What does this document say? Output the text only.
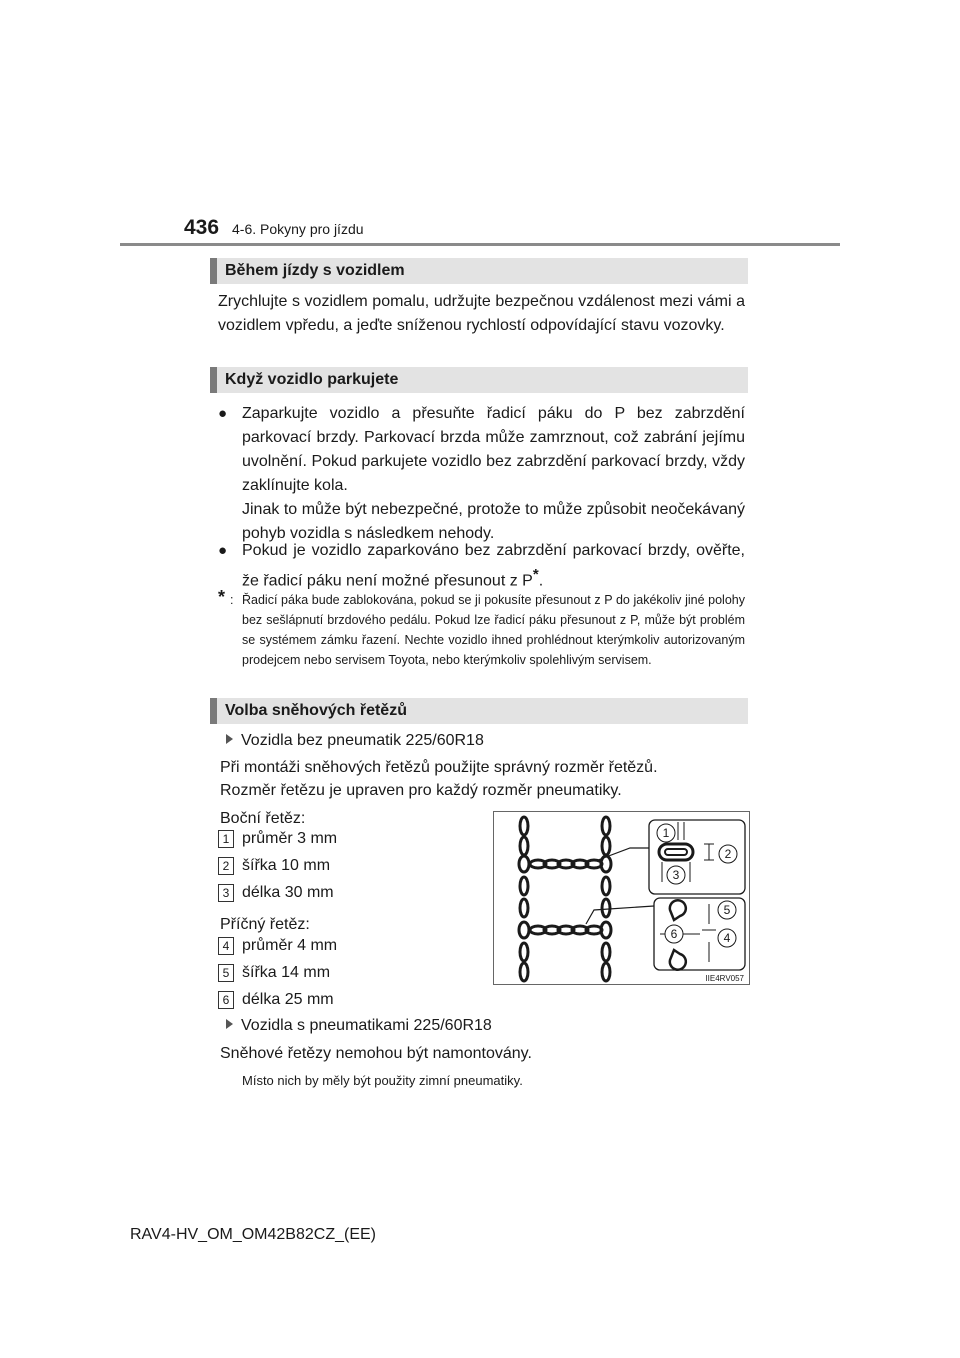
436 4-6. Pokyny pro jízdu
Během jízdy s vozidlem

Zrychlujte s vozidlem pomalu, udržujte bezpečnou vzdálenost mezi vámi a vozidlem vpředu, a jeďte sníženou rychlostí odpovídající stavu vozovky.

Když vozidlo parkujete
● Zaparkujte vozidlo a přesuňte řadicí páku do P bez zabrzdění parkovací brzdy. Parkovací brzda může zamrznout, což zabrání jejímu uvolnění. Pokud parkujete vozidlo bez zabrzdění parkovací brzdy, vždy zaklínujte kola.
Jinak to může být nebezpečné, protože to může způsobit neočekávaný pohyb vozidla s následkem nehody.
● Pokud je vozidlo zaparkováno bez zabrzdění parkovací brzdy, ověřte, že řadicí páku není možné přesunout z P*.
* : Řadicí páka bude zablokována, pokud se ji pokusíte přesunout z P do jakékoliv jiné polohy bez sešlápnutí brzdového pedálu. Pokud lze řadicí páku přesunout z P, může být problém se systémem zámku řazení. Nechte vozidlo ihned prohlédnout kterýmkoliv autorizovaným prodejcem nebo servisem Toyota, nebo kterýmkoliv spolehlivým servisem.
Volba sněhových řetězů
Vozidla bez pneumatik 225/60R18
Při montáži sněhových řetězů použijte správný rozměr řetězů.
Rozměr řetězu je upraven pro každý rozměr pneumatiky.
Boční řetěz:
1 průměr 3 mm
2 šířka 10 mm
3 délka 30 mm
Příčný řetěz:
4 průměr 4 mm
5 šířka 14 mm
6 délka 25 mm
Vozidla s pneumatikami 225/60R18
Sněhové řetězy nemohou být namontovány.
Místo nich by měly být použity zimní pneumatiky.
1
2
3
4
5
6
IIE4RV057
RAV4-HV_OM_OM42B82CZ_(EE)
